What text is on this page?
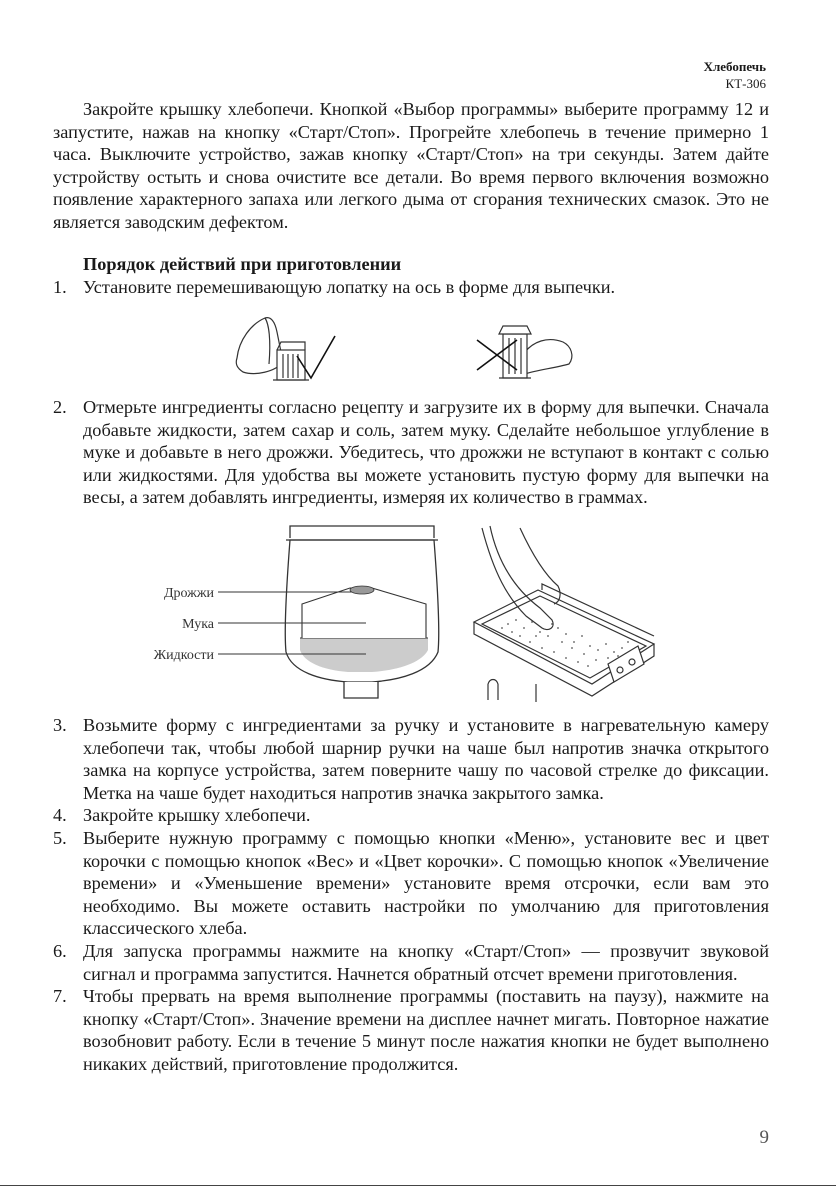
Хлебопечь
КТ-306

Закройте крышку хлебопечи. Кнопкой «Выбор программы» выберите программу 12 и запустите, нажав на кнопку «Старт/Стоп». Прогрейте хлебопечь в течение примерно 1 часа. Выключите устройство, зажав кнопку «Старт/Стоп» на три секунды. Затем дайте устройству остыть и снова очистите все детали. Во время первого включения возможно появление характерного запаха или легкого дыма от сгорания технических смазок. Это не является заводским дефектом.

Порядок действий при приготовлении
1. Установите перемешивающую лопатку на ось в форме для выпечки.
2. Отмерьте ингредиенты согласно рецепту и загрузите их в форму для выпечки. Сначала добавьте жидкости, затем сахар и соль, затем муку. Сделайте небольшое углубление в муке и добавьте в него дрожжи. Убедитесь, что дрожжи не вступают в контакт с солью или жидкостями. Для удобства вы можете установить пустую форму для выпечки на весы, а затем добавлять ингредиенты, измеряя их количество в граммах.
Дрожжи
Мука
Жидкости
3. Возьмите форму с ингредиентами за ручку и установите в нагревательную камеру хлебопечи так, чтобы любой шарнир ручки на чаше был напротив значка открытого замка на корпусе устройства, затем поверните чашу по часовой стрелке до фиксации. Метка на чаше будет находиться напротив значка закрытого замка.
4. Закройте крышку хлебопечи.
5. Выберите нужную программу с помощью кнопки «Меню», установите вес и цвет корочки с помощью кнопок «Вес» и «Цвет корочки». С помощью кнопок «Увеличение времени» и «Уменьшение времени» установите время отсрочки, если вам это необходимо. Вы можете оставить настройки по умолчанию для приготовления классического хлеба.
6. Для запуска программы нажмите на кнопку «Старт/Стоп» — прозвучит звуковой сигнал и программа запустится. Начнется обратный отсчет времени приготовления.
7. Чтобы прервать на время выполнение программы (поставить на паузу), нажмите на кнопку «Старт/Стоп». Значение времени на дисплее начнет мигать. Повторное нажатие возобновит работу. Если в течение 5 минут после нажатия кнопки не будет выполнено никаких действий, приготовление продолжится.
9
